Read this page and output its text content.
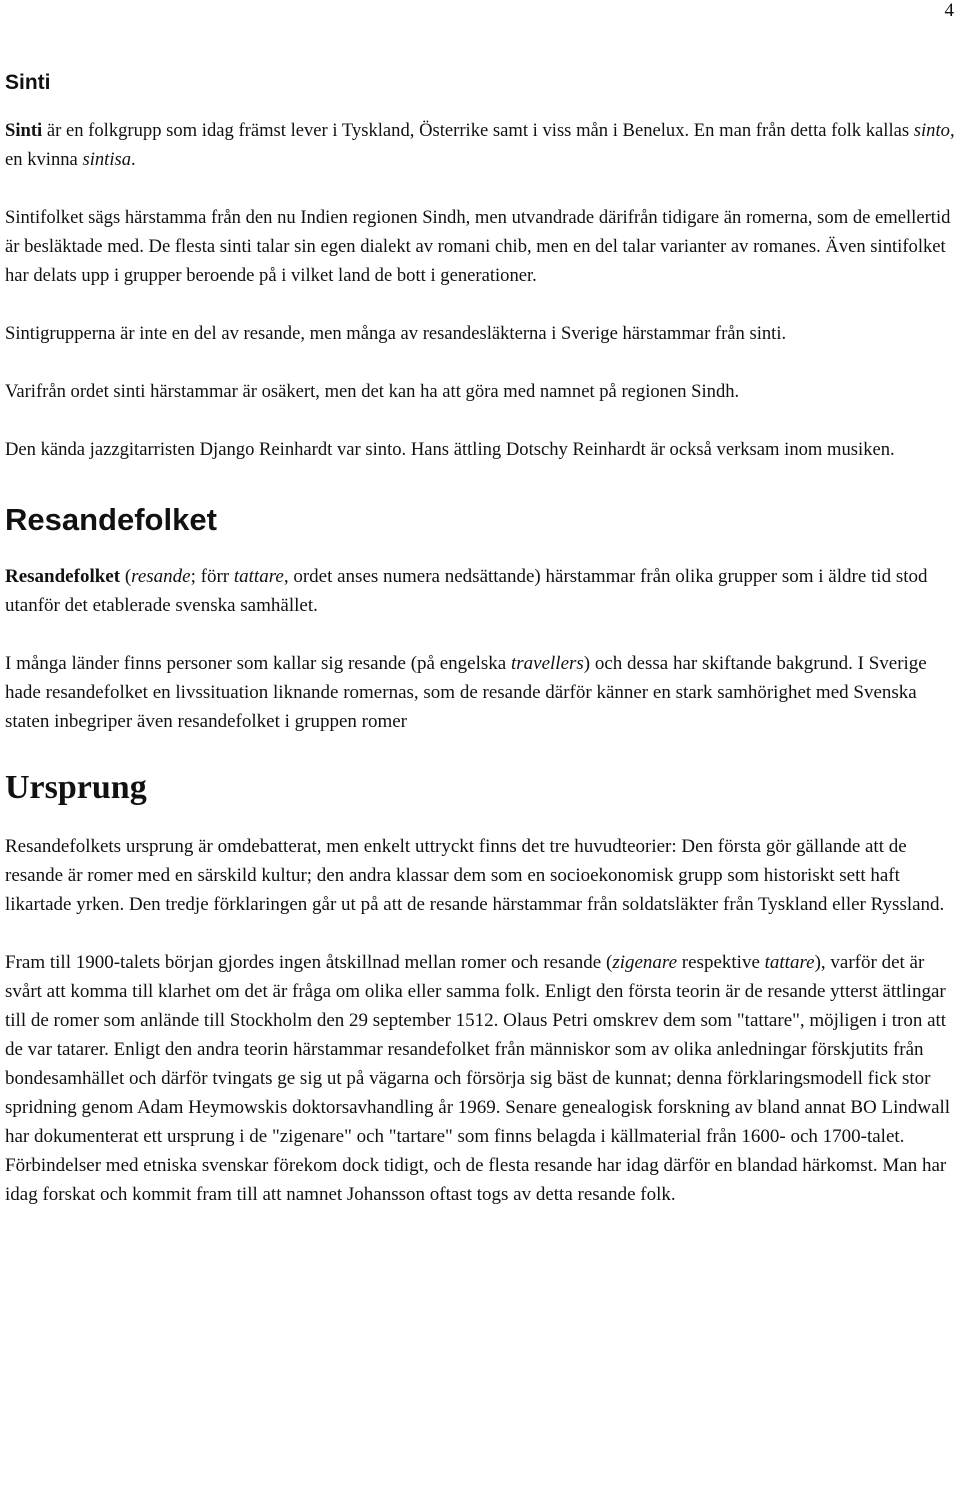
4
Sinti

Sinti är en folkgrupp som idag främst lever i Tyskland, Österrike samt i viss mån i Benelux. En man från detta folk kallas sinto, en kvinna sintisa.

Sintifolket sägs härstamma från den nu Indien regionen Sindh, men utvandrade därifrån tidigare än romerna, som de emellertid är besläktade med. De flesta sinti talar sin egen dialekt av romani chib, men en del talar varianter av romanes. Även sintifolket har delats upp i grupper beroende på i vilket land de bott i generationer.

Sintigrupperna är inte en del av resande, men många av resandesläkterna i Sverige härstammar från sinti.

Varifrån ordet sinti härstammar är osäkert, men det kan ha att göra med namnet på regionen Sindh.

Den kända jazzgitarristen Django Reinhardt var sinto. Hans ättling Dotschy Reinhardt är också verksam inom musiken.

Resandefolket

Resandefolket (resande; förr tattare, ordet anses numera nedsättande) härstammar från olika grupper som i äldre tid stod utanför det etablerade svenska samhället.

I många länder finns personer som kallar sig resande (på engelska travellers) och dessa har skiftande bakgrund. I Sverige hade resandefolket en livssituation liknande romernas, som de resande därför känner en stark samhörighet med Svenska staten inbegriper även resandefolket i gruppen romer

Ursprung

Resandefolkets ursprung är omdebatterat, men enkelt uttryckt finns det tre huvudteorier: Den första gör gällande att de resande är romer med en särskild kultur; den andra klassar dem som en socioekonomisk grupp som historiskt sett haft likartade yrken. Den tredje förklaringen går ut på att de resande härstammar från soldatsläkter från Tyskland eller Ryssland.

Fram till 1900-talets början gjordes ingen åtskillnad mellan romer och resande (zigenare respektive tattare), varför det är svårt att komma till klarhet om det är fråga om olika eller samma folk. Enligt den första teorin är de resande ytterst ättlingar till de romer som anlände till Stockholm den 29 september 1512. Olaus Petri omskrev dem som "tattare", möjligen i tron att de var tatarer. Enligt den andra teorin härstammar resandefolket från människor som av olika anledningar förskjutits från bondesamhället och därför tvingats ge sig ut på vägarna och försörja sig bäst de kunnat; denna förklaringsmodell fick stor spridning genom Adam Heymowskis doktorsavhandling år 1969. Senare genealogisk forskning av bland annat BO Lindwall har dokumenterat ett ursprung i de "zigenare" och "tartare" som finns belagda i källmaterial från 1600- och 1700-talet. Förbindelser med etniska svenskar förekom dock tidigt, och de flesta resande har idag därför en blandad härkomst. Man har idag forskat och kommit fram till att namnet Johansson oftast togs av detta resande folk.
